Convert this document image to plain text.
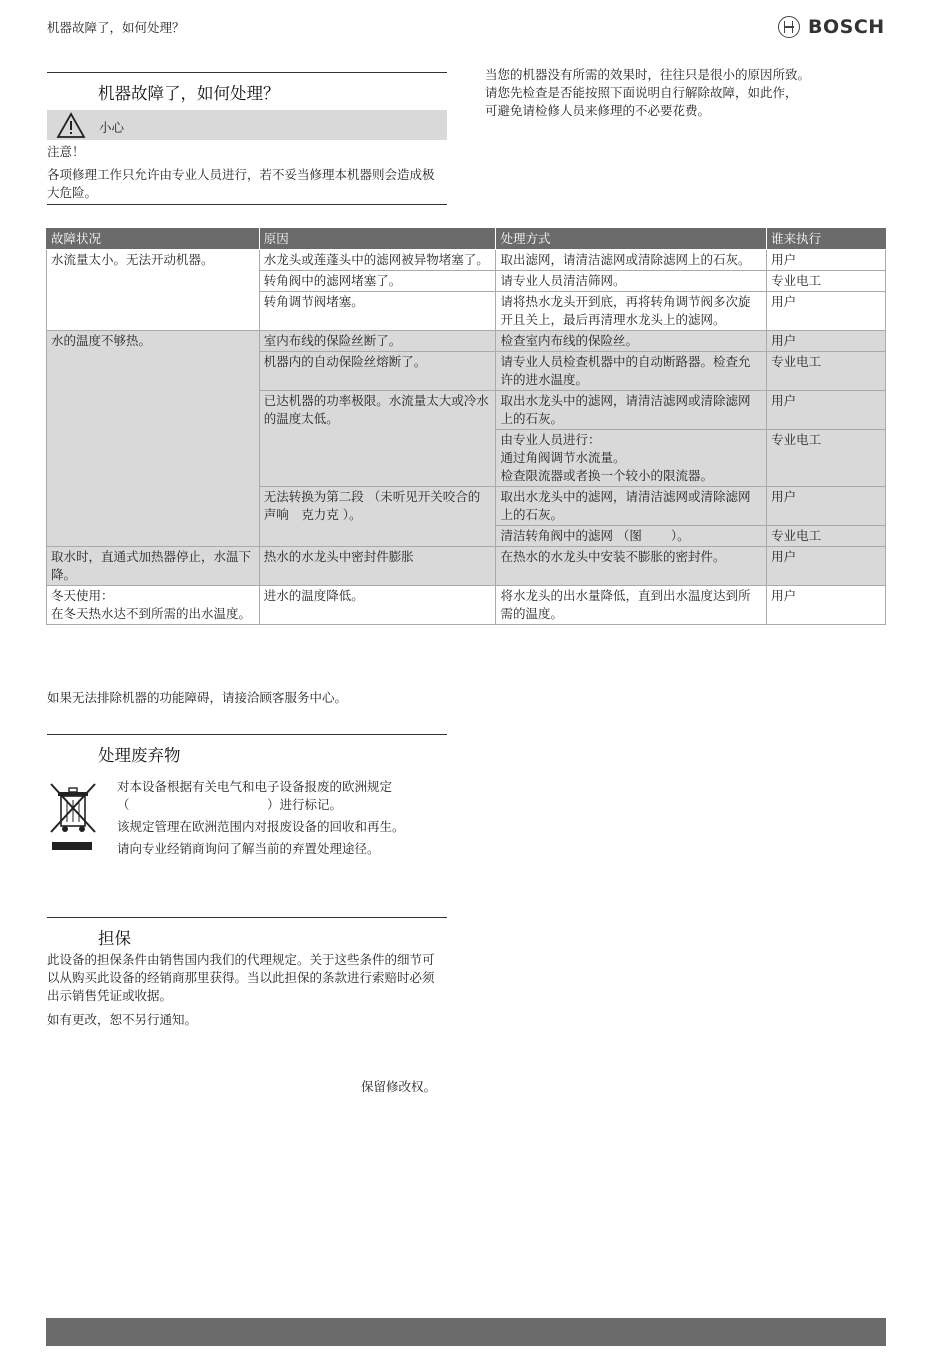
机器故障了，如何处理？	BOSCH
机器故障了，如何处理？
小心
注意！
各项修理工作只允许由专业人员进行，若不妥当修理本机器则会造成极大危险。
当您的机器没有所需的效果时，往往只是很小的原因所致。
请您先检查是否能按照下面说明自行解除故障，如此作，
可避免请检修人员来修理的不必要花费。
故障状况	原因	处理方式	谁来执行
水流量太小。无法开动机器。	水龙头或莲蓬头中的滤网被异物堵塞了。	取出滤网，请清洁滤网或清除滤网上的石灰。	用户
	转角阀中的滤网堵塞了。	请专业人员清洁筛网。	专业电工
	转角调节阀堵塞。	请将热水龙头开到底，再将转角调节阀多次旋开且关上，最后再清理水龙头上的滤网。	用户
水的温度不够热。	室内布线的保险丝断了。	检查室内布线的保险丝。	用户
	机器内的自动保险丝熔断了。	请专业人员检查机器中的自动断路器。检查允许的进水温度。	专业电工
	已达机器的功率极限。水流量太大或冷水的温度太低。	取出水龙头中的滤网，请清洁滤网或清除滤网上的石灰。	用户

		由专业人员进行：
通过角阀调节水流量。
检查限流器或者换一个较小的限流器。	专业电工
	无法转换为第二段 （未听见开关咬合的声响　克力克 ）。	取出水龙头中的滤网，请清洁滤网或清除滤网上的石灰。	用户
		清洁转角阀中的滤网 （图　　 ）。	专业电工
取水时，直通式加热器停止，水温下降。	热水的水龙头中密封件膨胀	在热水的水龙头中安装不膨胀的密封件。	用户

冬天使用：
在冬天热水达不到所需的出水温度。	进水的温度降低。	将水龙头的出水量降低，直到出水温度达到所需的温度。	用户
如果无法排除机器的功能障碍，请接洽顾客服务中心。
处理废弃物
对本设备根据有关电气和电子设备报废的欧洲规定　　　　　　（　　　　　　　　　　　）进行标记。
该规定管理在欧洲范围内对报废设备的回收和再生。
请向专业经销商询问了解当前的弃置处理途径。
担保
此设备的担保条件由销售国内我们的代理规定。关于这些条件的细节可以从购买此设备的经销商那里获得。当以此担保的条款进行索赔时必须出示销售凭证或收据。
如有更改，恕不另行通知。
保留修改权。
